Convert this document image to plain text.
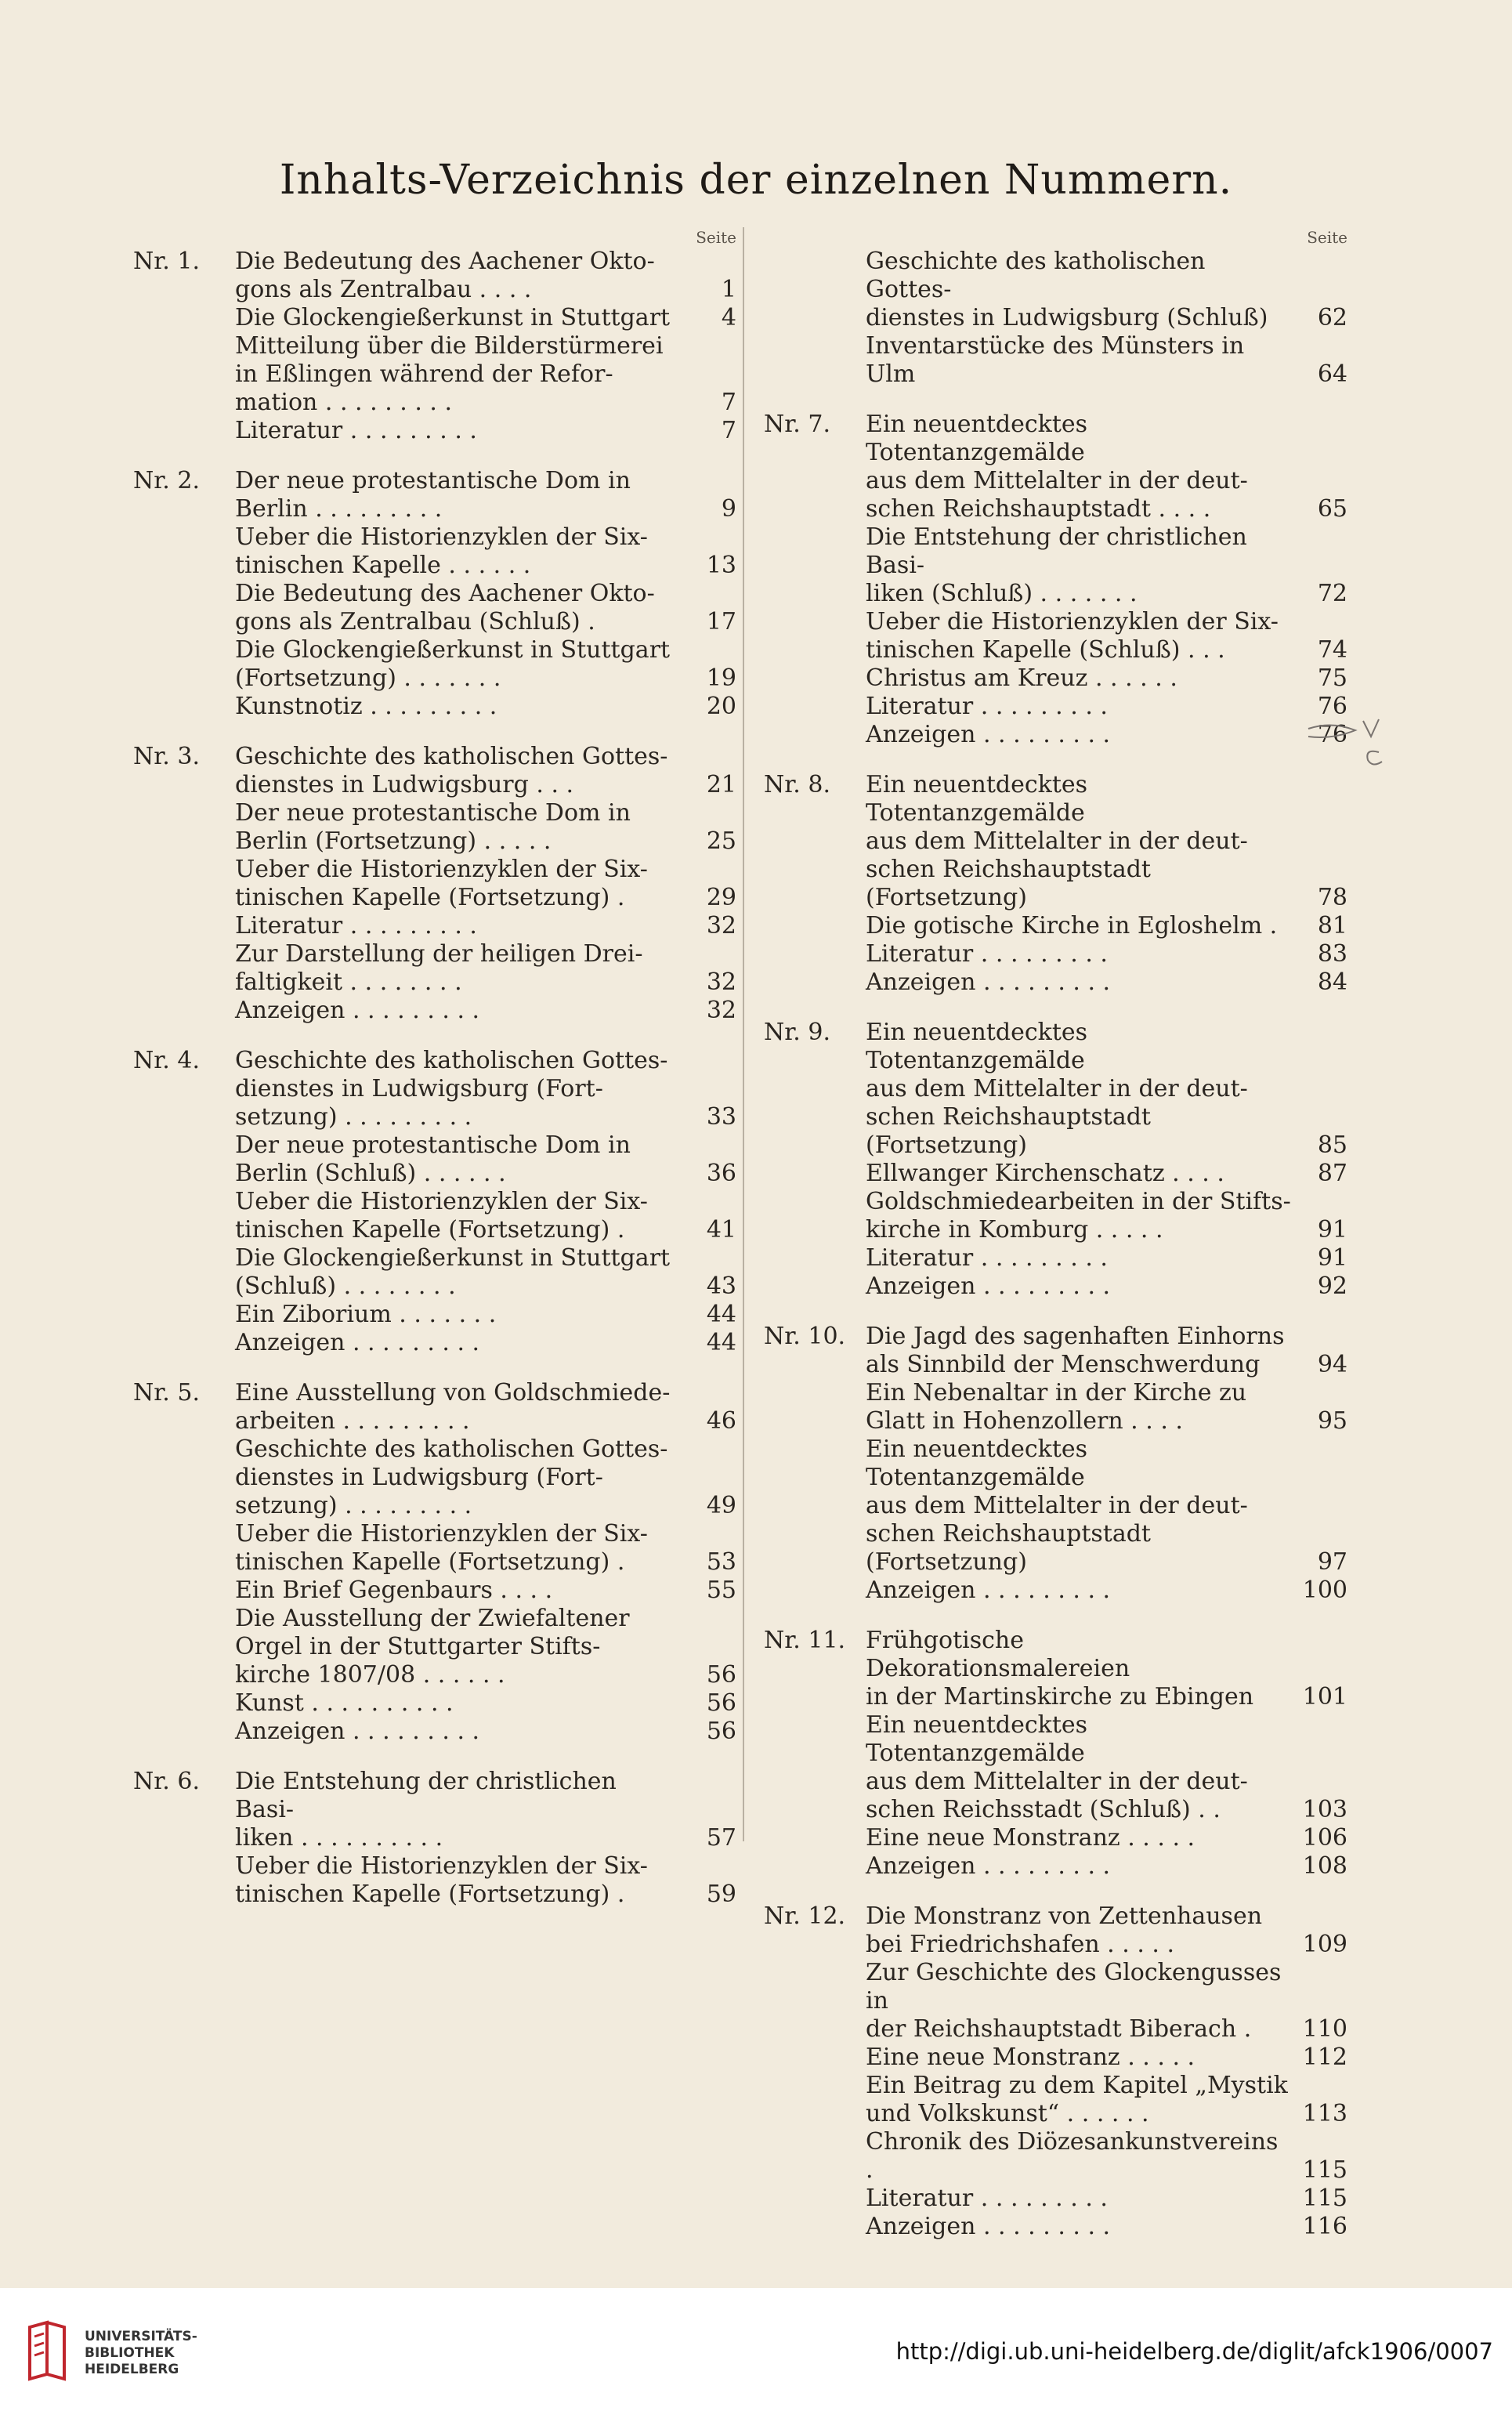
Inhalts-Verzeichnis der einzelnen Nummern.
Seite
Nr. 1.	Die Bedeutung des Aachener Okto-
gons als Zentralbau . . . .	1
Die Glockengießerkunst in Stuttgart	4
Mitteilung über die Bilderstürmerei
in Eßlingen während der Refor-
mation . . . . . . . . .	7
Literatur . . . . . . . . .	7
Nr. 2.	Der neue protestantische Dom in
Berlin . . . . . . . . .	9
Ueber die Historienzyklen der Six-
tinischen Kapelle . . . . . .	13
Die Bedeutung des Aachener Okto-
gons als Zentralbau (Schluß) .	17
Die Glockengießerkunst in Stuttgart
(Fortsetzung) . . . . . . .	19
Kunstnotiz . . . . . . . . .	20
Nr. 3.	Geschichte des katholischen Gottes-
dienstes in Ludwigsburg . . .	21
Der neue protestantische Dom in
Berlin (Fortsetzung) . . . . .	25
Ueber die Historienzyklen der Six-
tinischen Kapelle (Fortsetzung) .	29
Literatur . . . . . . . . .	32
Zur Darstellung der heiligen Drei-
faltigkeit . . . . . . . .	32
Anzeigen . . . . . . . . .	32
Nr. 4.	Geschichte des katholischen Gottes-
dienstes in Ludwigsburg (Fort-
setzung) . . . . . . . . .	33
Der neue protestantische Dom in
Berlin (Schluß) . . . . . .	36
Ueber die Historienzyklen der Six-
tinischen Kapelle (Fortsetzung) .	41
Die Glockengießerkunst in Stuttgart
(Schluß) . . . . . . . .	43
Ein Ziborium . . . . . . .	44
Anzeigen . . . . . . . . .	44
Nr. 5.	Eine Ausstellung von Goldschmiede-
arbeiten . . . . . . . . .	46
Geschichte des katholischen Gottes-
dienstes in Ludwigsburg (Fort-
setzung) . . . . . . . . .	49
Ueber die Historienzyklen der Six-
tinischen Kapelle (Fortsetzung) .	53
Ein Brief Gegenbaurs . . . .	55
Die Ausstellung der Zwiefaltener
Orgel in der Stuttgarter Stifts-
kirche 1807/08 . . . . . .	56
Kunst . . . . . . . . . .	56
Anzeigen . . . . . . . . .	56
Nr. 6.	Die Entstehung der christlichen Basi-
liken . . . . . . . . . .	57
Ueber die Historienzyklen der Six-
tinischen Kapelle (Fortsetzung) .	59
Seite
Geschichte des katholischen Gottes-
dienstes in Ludwigsburg (Schluß)	62
Inventarstücke des Münsters in Ulm	64
Nr. 7.	Ein neuentdecktes Totentanzgemälde
aus dem Mittelalter in der deut-
schen Reichshauptstadt . . . .	65
Die Entstehung der christlichen Basi-
liken (Schluß) . . . . . . .	72
Ueber die Historienzyklen der Six-
tinischen Kapelle (Schluß) . . .	74
Christus am Kreuz . . . . . .	75
Literatur . . . . . . . . .	76
Anzeigen . . . . . . . . .	76
Nr. 8.	Ein neuentdecktes Totentanzgemälde
aus dem Mittelalter in der deut-
schen Reichshauptstadt (Fortsetzung)	78
Die gotische Kirche in Egloshelm .	81
Literatur . . . . . . . . .	83
Anzeigen . . . . . . . . .	84
Nr. 9.	Ein neuentdecktes Totentanzgemälde
aus dem Mittelalter in der deut-
schen Reichshauptstadt (Fortsetzung)	85
Ellwanger Kirchenschatz . . . .	87
Goldschmiedearbeiten in der Stifts-
kirche in Komburg . . . . .	91
Literatur . . . . . . . . .	91
Anzeigen . . . . . . . . .	92
Nr. 10. Die Jagd des sagenhaften Einhorns
als Sinnbild der Menschwerdung	94
Ein Nebenaltar in der Kirche zu
Glatt in Hohenzollern . . . .	95
Ein neuentdecktes Totentanzgemälde
aus dem Mittelalter in der deut-
schen Reichshauptstadt (Fortsetzung)	97
Anzeigen . . . . . . . . .	100
Nr. 11. Frühgotische Dekorationsmalereien
in der Martinskirche zu Ebingen	101
Ein neuentdecktes Totentanzgemälde
aus dem Mittelalter in der deut-
schen Reichsstadt (Schluß) . .	103
Eine neue Monstranz . . . . .	106
Anzeigen . . . . . . . . .	108
Nr. 12. Die Monstranz von Zettenhausen
bei Friedrichshafen . . . . .	109
Zur Geschichte des Glockengusses in
der Reichshauptstadt Biberach .	110
Eine neue Monstranz . . . . .	112
Ein Beitrag zu dem Kapitel „Mystik
und Volkskunst“ . . . . . .	113
Chronik des Diözesankunstvereins .	115
Literatur . . . . . . . . .	115
Anzeigen . . . . . . . . .	116
UNIVERSITÄTS-
BIBLIOTHEK
HEIDELBERG
http://digi.ub.uni-heidelberg.de/diglit/afck1906/0007
